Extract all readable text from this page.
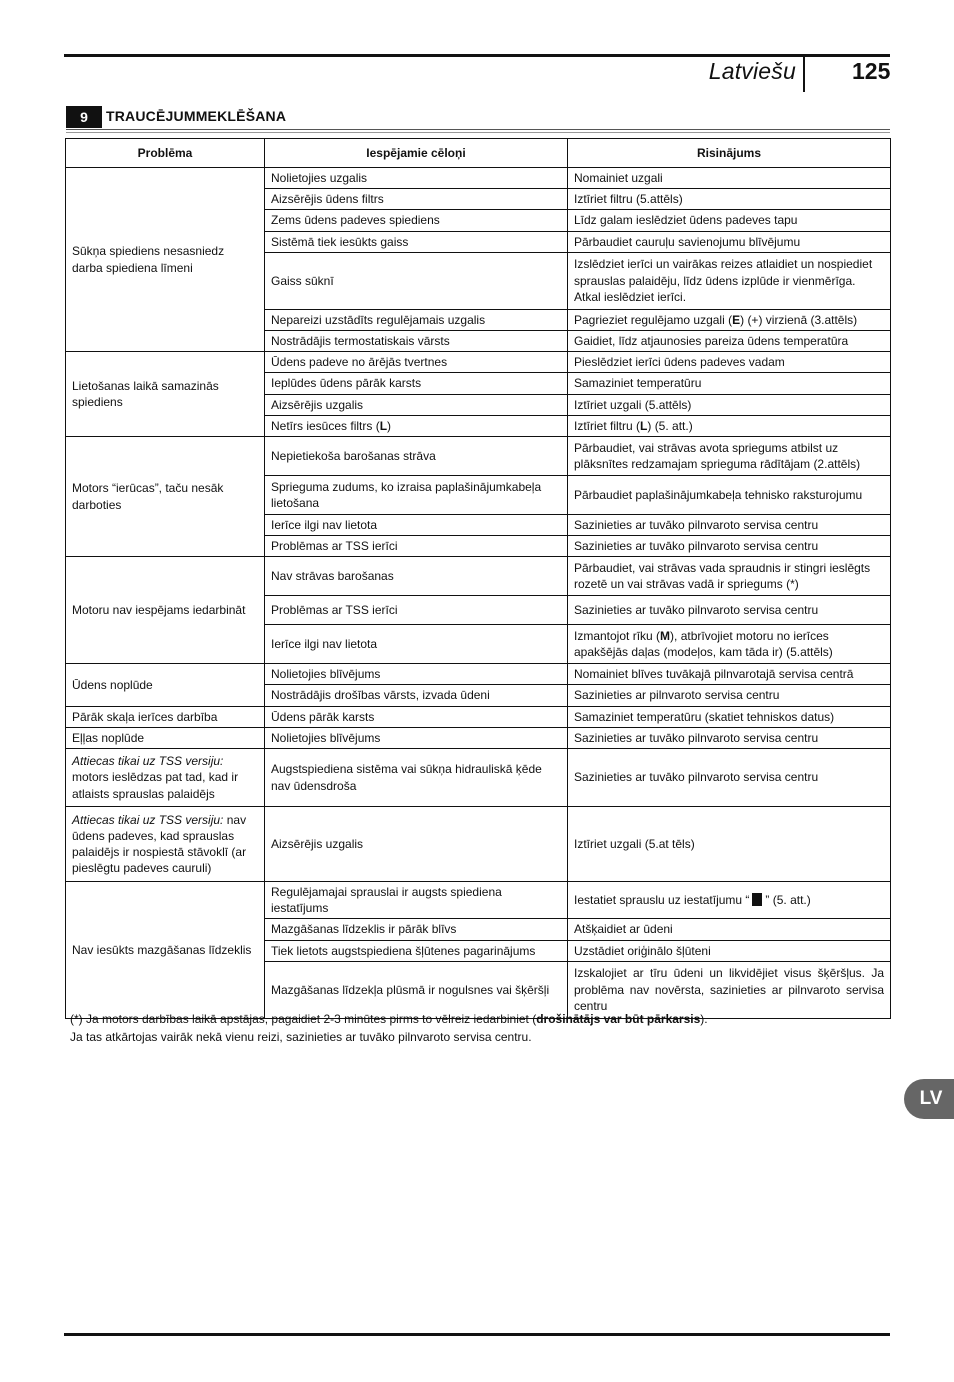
Latviešu 125
9	TRAUCĒJUMMEKLĒŠANA
Problēma	Iespējamie cēloņi	Risinājums
Sūkņa spiediens nesasniedz darba spiediena līmeni	Nolietojies uzgalis	Nomainiet uzgali
	Aizsērējis ūdens filtrs	Iztīriet filtru (5.attēls)
	Zems ūdens padeves spiediens	Līdz galam ieslēdziet ūdens padeves tapu
	Sistēmā tiek iesūkts gaiss	Pārbaudiet cauruļu savienojumu blīvējumu
	Gaiss sūknī	Izslēdziet ierīci un vairākas reizes atlaidiet un nospiediet sprauslas palaidēju, līdz ūdens izplūde ir vienmērīga. Atkal ieslēdziet ierīci.
	Nepareizi uzstādīts regulējamais uzgalis	Pagrieziet regulējamo uzgali (E) (+) virzienā (3.attēls)
	Nostrādājis termostatiskais vārsts	Gaidiet, līdz atjaunosies pareiza ūdens temperatūra
Lietošanas laikā samazinās spiediens	Ūdens padeve no ārējās tvertnes	Pieslēdziet ierīci ūdens padeves vadam
	Ieplūdes ūdens pārāk karsts	Samaziniet temperatūru
	Aizsērējis uzgalis	Iztīriet uzgali (5.attēls)
	Netīrs iesūces filtrs (L)	Iztīriet filtru (L) (5. att.)
Motors “ierūcas”, taču nesāk darboties	Nepietiekoša barošanas strāva	Pārbaudiet, vai strāvas avota spriegums atbilst uz plāksnītes redzamajam sprieguma rādītājam (2.attēls)
	Sprieguma zudums, ko izraisa paplašinājumkabeļa lietošana	Pārbaudiet paplašinājumkabeļa tehnisko raksturojumu
	Ierīce ilgi nav lietota	Sazinieties ar tuvāko pilnvaroto servisa centru
	Problēmas ar TSS ierīci	Sazinieties ar tuvāko pilnvaroto servisa centru
Motoru nav iespējams iedarbināt	Nav strāvas barošanas	Pārbaudiet, vai strāvas vada spraudnis ir stingri ieslēgts rozetē un vai strāvas vadā ir spriegums (*)
	Problēmas ar TSS ierīci	Sazinieties ar tuvāko pilnvaroto servisa centru
	Ierīce ilgi nav lietota	Izmantojot rīku (M), atbrīvojiet motoru no ierīces apakšējās daļas (modeļos, kam tāda ir) (5.attēls)
Ūdens noplūde	Nolietojies blīvējums	Nomainiet blīves tuvākajā pilnvarotajā servisa centrā
	Nostrādājis drošības vārsts, izvada ūdeni	Sazinieties ar pilnvaroto servisa centru
Pārāk skaļa ierīces darbība	Ūdens pārāk karsts	Samaziniet temperatūru (skatiet tehniskos datus)
Eļļas noplūde	Nolietojies blīvējums	Sazinieties ar tuvāko pilnvaroto servisa centru
Attiecas tikai uz TSS versiju: motors ieslēdzas pat tad, kad ir atlaists sprauslas palaidējs	Augstspiediena sistēma vai sūkņa hidrauliskā ķēde nav ūdensdroša	Sazinieties ar tuvāko pilnvaroto servisa centru
Attiecas tikai uz TSS versiju: nav ūdens padeves, kad sprauslas palaidējs ir nospiestā stāvoklī (ar pieslēgtu padeves cauruli)	Aizsērējis uzgalis	Iztīriet uzgali (5.at tēls)
Nav iesūkts mazgāšanas līdzeklis	Regulējamajai sprauslai ir augsts spiediena iestatījums	Iestatiet sprauslu uz iestatījumu “ ” (5. att.)
	Mazgāšanas līdzeklis ir pārāk blīvs	Atšķaidiet ar ūdeni
	Tiek lietots augstspiediena šļūtenes pagarinājums	Uzstādiet oriģinālo šļūteni
	Mazgāšanas līdzekļa plūsmā ir nogulsnes vai šķēršļi	Izskalojiet ar tīru ūdeni un likvidējiet visus šķēršļus. Ja problēma nav novērsta, sazinieties ar pilnvaroto servisa centru
(*) Ja motors darbības laikā apstājas, pagaidiet 2-3 minūtes pirms to vēlreiz iedarbiniet (drošinātājs var būt pārkarsis).
Ja tas atkārtojas vairāk nekā vienu reizi, sazinieties ar tuvāko pilnvaroto servisa centru.
LV
